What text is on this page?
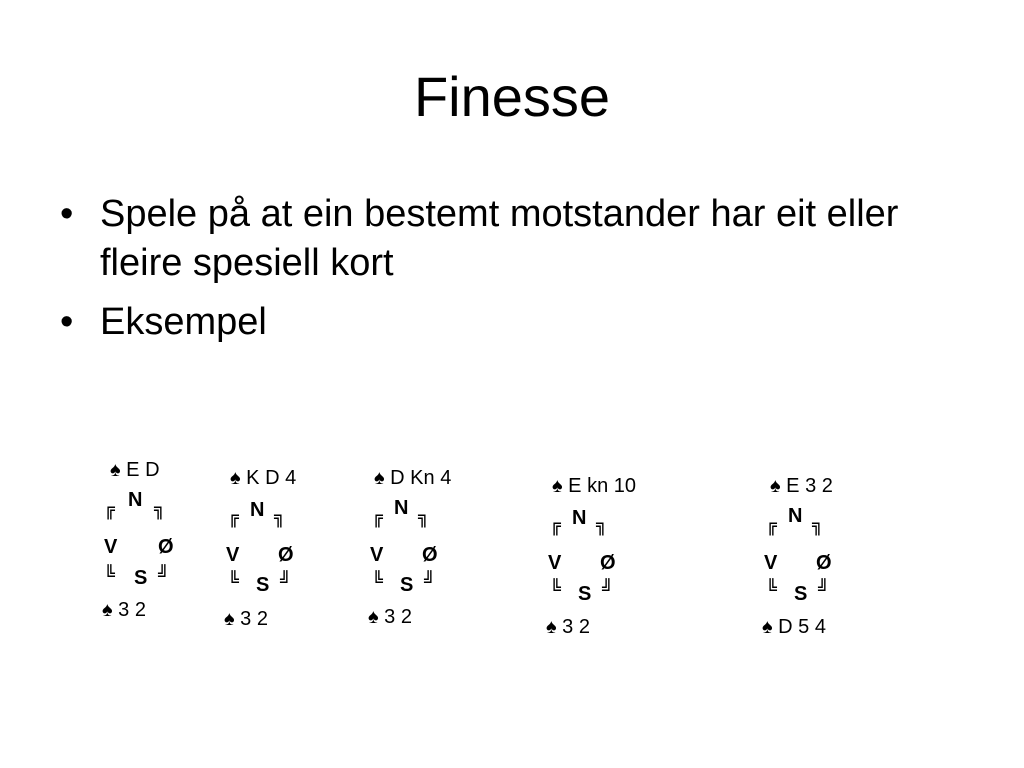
Finesse
• Spele på at ein bestemt motstander har eit eller fleire spesiell kort
• Eksempel
♠ E D
╔ N ╗
V Ø
╚ S ╝
♠ 3 2
♠ K D 4
╔ N ╗
V Ø
╚ S ╝
♠ 3 2
♠ D Kn 4
╔ N ╗
V Ø
╚ S ╝
♠ 3 2
♠ E kn 10
╔ N ╗
V Ø
╚ S ╝
♠ 3 2
♠ E 3 2
╔ N ╗
V Ø
╚ S ╝
♠ D 5 4
